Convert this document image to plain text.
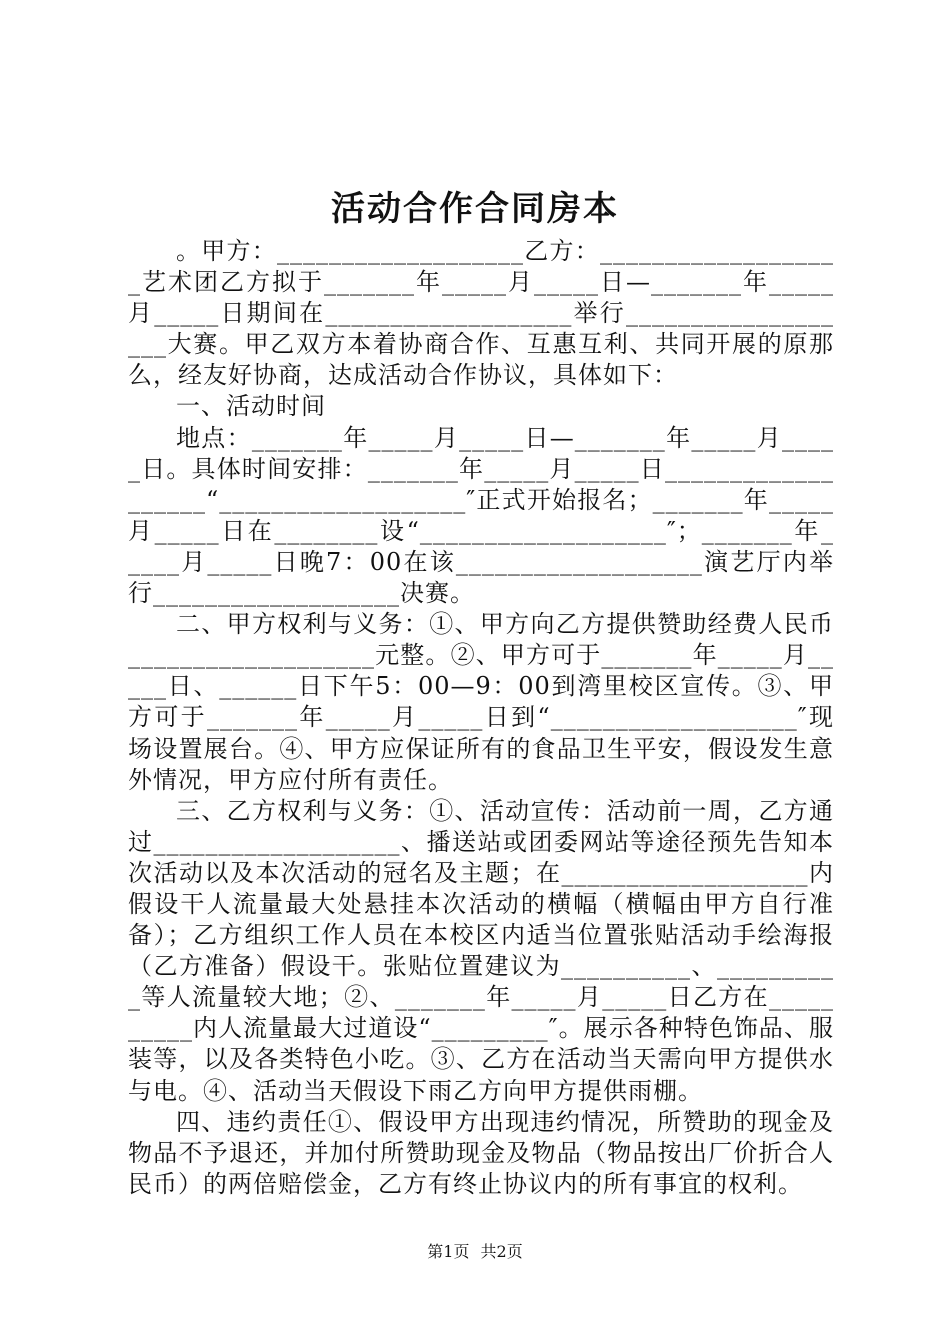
活动合作合同房本

。甲方：___________________乙方：___________________艺术团乙方拟于_______年_____月_____日—_______年_____月_____日期间在___________________举行___________________大赛。甲乙双方本着协商合作、互惠互利、共同开展的原那么，经友好协商，达成活动合作协议，具体如下：

一、活动时间

地点：_______年_____月_____日—_______年_____月_____日。具体时间安排：_______年_____月_____日___________________“___________________″正式开始报名；_______年_____月_____日在________设“___________________″；_______年_____月_____日晚7：00在该___________________演艺厅内举行___________________决赛。

二、甲方权利与义务：①、甲方向乙方提供赞助经费人民币___________________元整。②、甲方可于_______年_____月_____日、______日下午5：00—9：00到湾里校区宣传。③、甲方可于_______年_____月_____日到“___________________″现场设置展台。④、甲方应保证所有的食品卫生平安，假设发生意外情况，甲方应付所有责任。

三、乙方权利与义务：①、活动宣传：活动前一周，乙方通过___________________、播送站或团委网站等途径预先告知本次活动以及本次活动的冠名及主题；在___________________内假设干人流量最大处悬挂本次活动的横幅（横幅由甲方自行准备）；乙方组织工作人员在本校区内适当位置张贴活动手绘海报（乙方准备）假设干。张贴位置建议为__________、__________等人流量较大地；②、_______年_____月_____日乙方在__________内人流量最大过道设“_________″。展示各种特色饰品、服装等，以及各类特色小吃。③、乙方在活动当天需向甲方提供水与电。④、活动当天假设下雨乙方向甲方提供雨棚。

四、违约责任①、假设甲方出现违约情况，所赞助的现金及物品不予退还，并加付所赞助现金及物品（物品按出厂价折合人民币）的两倍赔偿金，乙方有终止协议内的所有事宜的权利。

第1页 共2页
